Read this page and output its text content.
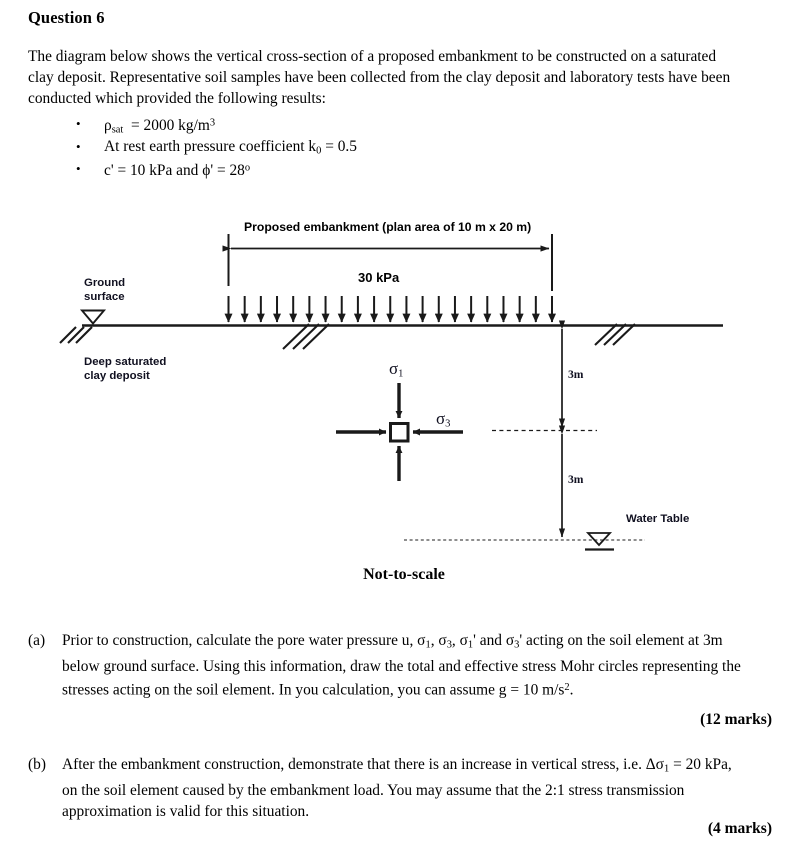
Question 6
The diagram below shows the vertical cross-section of a proposed embankment to be constructed on a saturated clay deposit. Representative soil samples have been collected from the clay deposit and laboratory tests have been conducted which provided the following results:
• $\rho_{sat} = 2000$ $kg/m^3$
• At rest earth pressure coefficient $k_0 = 0.5$
• c' = 10 kPa and $\phi' = 28^o$
Proposed embankment (plan area of 10 m x 20 m)
30 kPa
Ground
surface
Deep saturated
clay deposit	$\sigma_1$
$\sigma_3$
3m
3m
Water Table
Not-to-scale
(a)	Prior to construction, calculate the pore water pressure u, $\sigma_1$, $\sigma_3$, $\sigma_1'$ and $\sigma_3'$ acting on the soil element at 3m below ground surface. Using this information, draw the total and effective stress Mohr circles representing the stresses acting on the soil element. In you calculation, you can assume g = 10 $m/s^2$.
(12 marks)
(b)	After the embankment construction, demonstrate that there is an increase in vertical stress, i.e. $\Delta\sigma_1 = 20$ kPa, on the soil element caused by the embankment load. You may assume that the 2:1 stress transmission approximation is valid for this situation.
(4 marks)
